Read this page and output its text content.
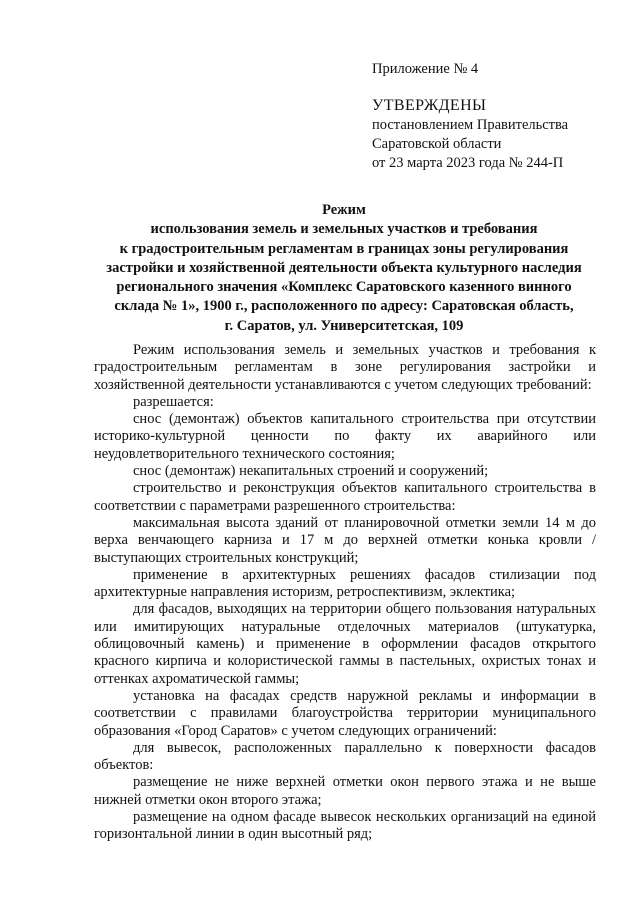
Приложение № 4
УТВЕРЖДЕНЫ
постановлением Правительства
Саратовской области
от 23 марта 2023 года № 244-П
Режим
использования земель и земельных участков и требования
к градостроительным регламентам в границах зоны регулирования
застройки и хозяйственной деятельности объекта культурного наследия
регионального значения «Комплекс Саратовского казенного винного
склада № 1», 1900 г., расположенного по адресу: Саратовская область,
г. Саратов, ул. Университетская, 109

Режим использования земель и земельных участков и требования к градостроительным регламентам в зоне регулирования застройки и хозяйственной деятельности устанавливаются с учетом следующих требований:

разрешается:

снос (демонтаж) объектов капитального строительства при отсутствии историко-культурной ценности по факту их аварийного или неудовлетворительного технического состояния;

снос (демонтаж) некапитальных строений и сооружений;

строительство и реконструкция объектов капитального строительства в соответствии с параметрами разрешенного строительства:

максимальная высота зданий от планировочной отметки земли 14 м до верха венчающего карниза и 17 м до верхней отметки конька кровли / выступающих строительных конструкций;

применение в архитектурных решениях фасадов стилизации под архитектурные направления историзм, ретроспективизм, эклектика;

для фасадов, выходящих на территории общего пользования натуральных или имитирующих натуральные отделочных материалов (штукатурка, облицовочный камень) и применение в оформлении фасадов открытого красного кирпича и колористической гаммы в пастельных, охристых тонах и оттенках ахроматической гаммы;

установка на фасадах средств наружной рекламы и информации в соответствии с правилами благоустройства территории муниципального образования «Город Саратов» с учетом следующих ограничений:

для вывесок, расположенных параллельно к поверхности фасадов объектов:

размещение не ниже верхней отметки окон первого этажа и не выше нижней отметки окон второго этажа;

размещение на одном фасаде вывесок нескольких организаций на единой горизонтальной линии в один высотный ряд;
